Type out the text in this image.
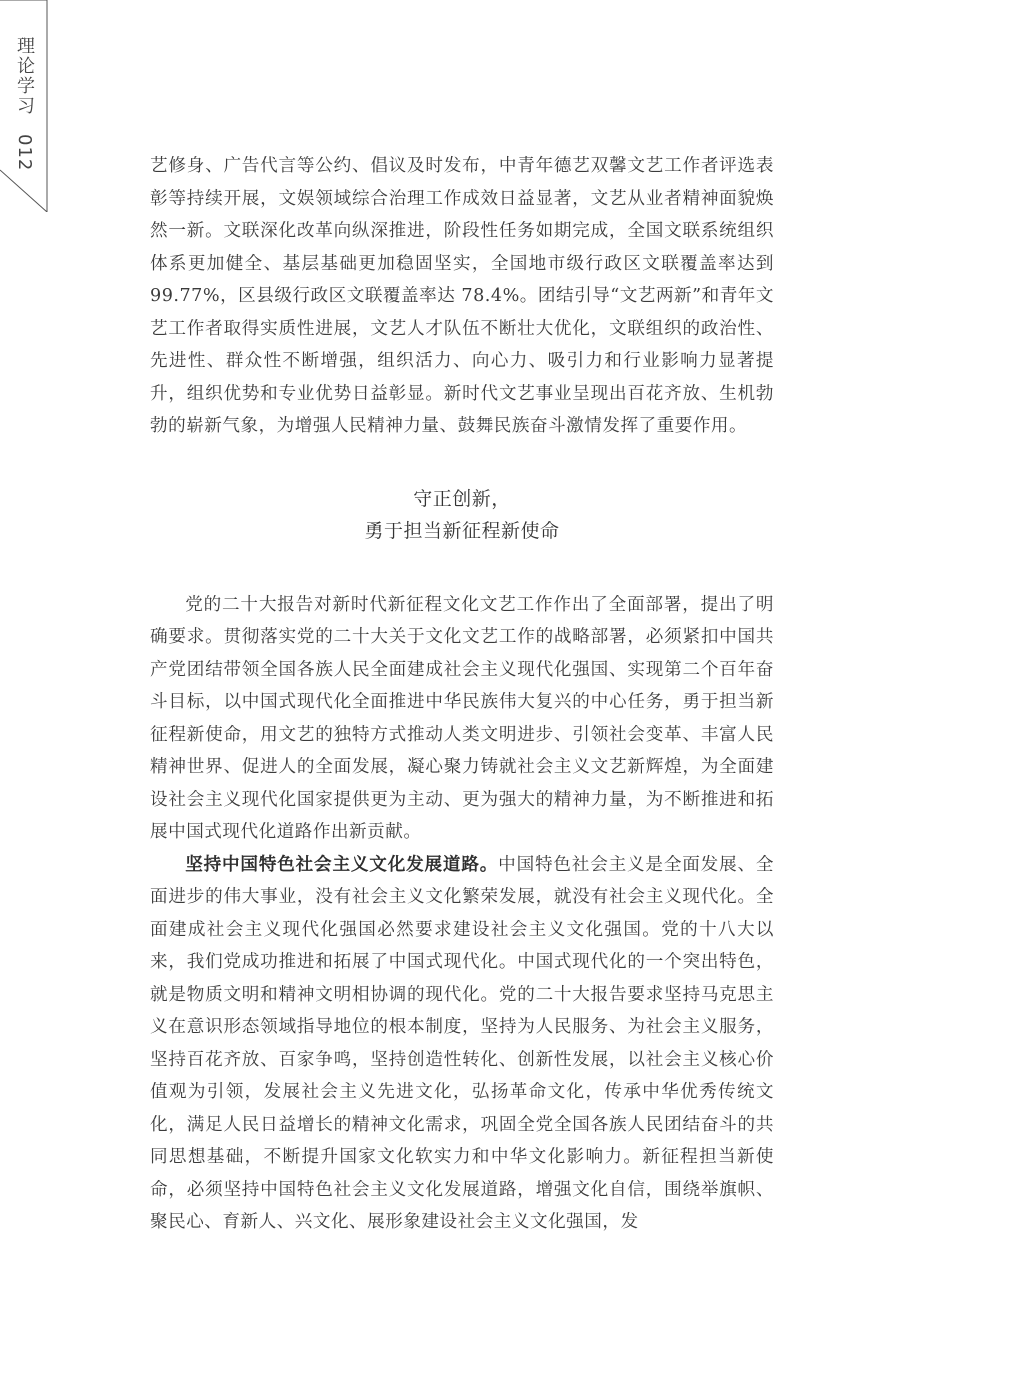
理论学习012	艺修身、广告代言等公约、倡议及时发布，中青年德艺双馨文艺工作者评选表彰等持续开展，文娱领域综合治理工作成效日益显著，文艺从业者精神面貌焕然一新。文联深化改革向纵深推进，阶段性任务如期完成，全国文联系统组织体系更加健全、基层基础更加稳固坚实，全国地市级行政区文联覆盖率达到 99.77%，区县级行政区文联覆盖率达 78.4%。团结引导“文艺两新”和青年文艺工作者取得实质性进展，文艺人才队伍不断壮大优化，文联组织的政治性、先进性、群众性不断增强，组织活力、向心力、吸引力和行业影响力显著提升，组织优势和专业优势日益彰显。新时代文艺事业呈现出百花齐放、生机勃勃的崭新气象，为增强人民精神力量、鼓舞民族奋斗激情发挥了重要作用。

守正创新，
勇于担当新征程新使命

党的二十大报告对新时代新征程文化文艺工作作出了全面部署，提出了明确要求。贯彻落实党的二十大关于文化文艺工作的战略部署，必须紧扣中国共产党团结带领全国各族人民全面建成社会主义现代化强国、实现第二个百年奋斗目标，以中国式现代化全面推进中华民族伟大复兴的中心任务，勇于担当新征程新使命，用文艺的独特方式推动人类文明进步、引领社会变革、丰富人民精神世界、促进人的全面发展，凝心聚力铸就社会主义文艺新辉煌，为全面建设社会主义现代化国家提供更为主动、更为强大的精神力量，为不断推进和拓展中国式现代化道路作出新贡献。

坚持中国特色社会主义文化发展道路。中国特色社会主义是全面发展、全面进步的伟大事业，没有社会主义文化繁荣发展，就没有社会主义现代化。全面建成社会主义现代化强国必然要求建设社会主义文化强国。党的十八大以来，我们党成功推进和拓展了中国式现代化。中国式现代化的一个突出特色，就是物质文明和精神文明相协调的现代化。党的二十大报告要求坚持马克思主义在意识形态领域指导地位的根本制度，坚持为人民服务、为社会主义服务，坚持百花齐放、百家争鸣，坚持创造性转化、创新性发展，以社会主义核心价值观为引领，发展社会主义先进文化，弘扬革命文化，传承中华优秀传统文化，满足人民日益增长的精神文化需求，巩固全党全国各族人民团结奋斗的共同思想基础，不断提升国家文化软实力和中华文化影响力。新征程担当新使命，必须坚持中国特色社会主义文化发展道路，增强文化自信，围绕举旗帜、聚民心、育新人、兴文化、展形象建设社会主义文化强国，发
